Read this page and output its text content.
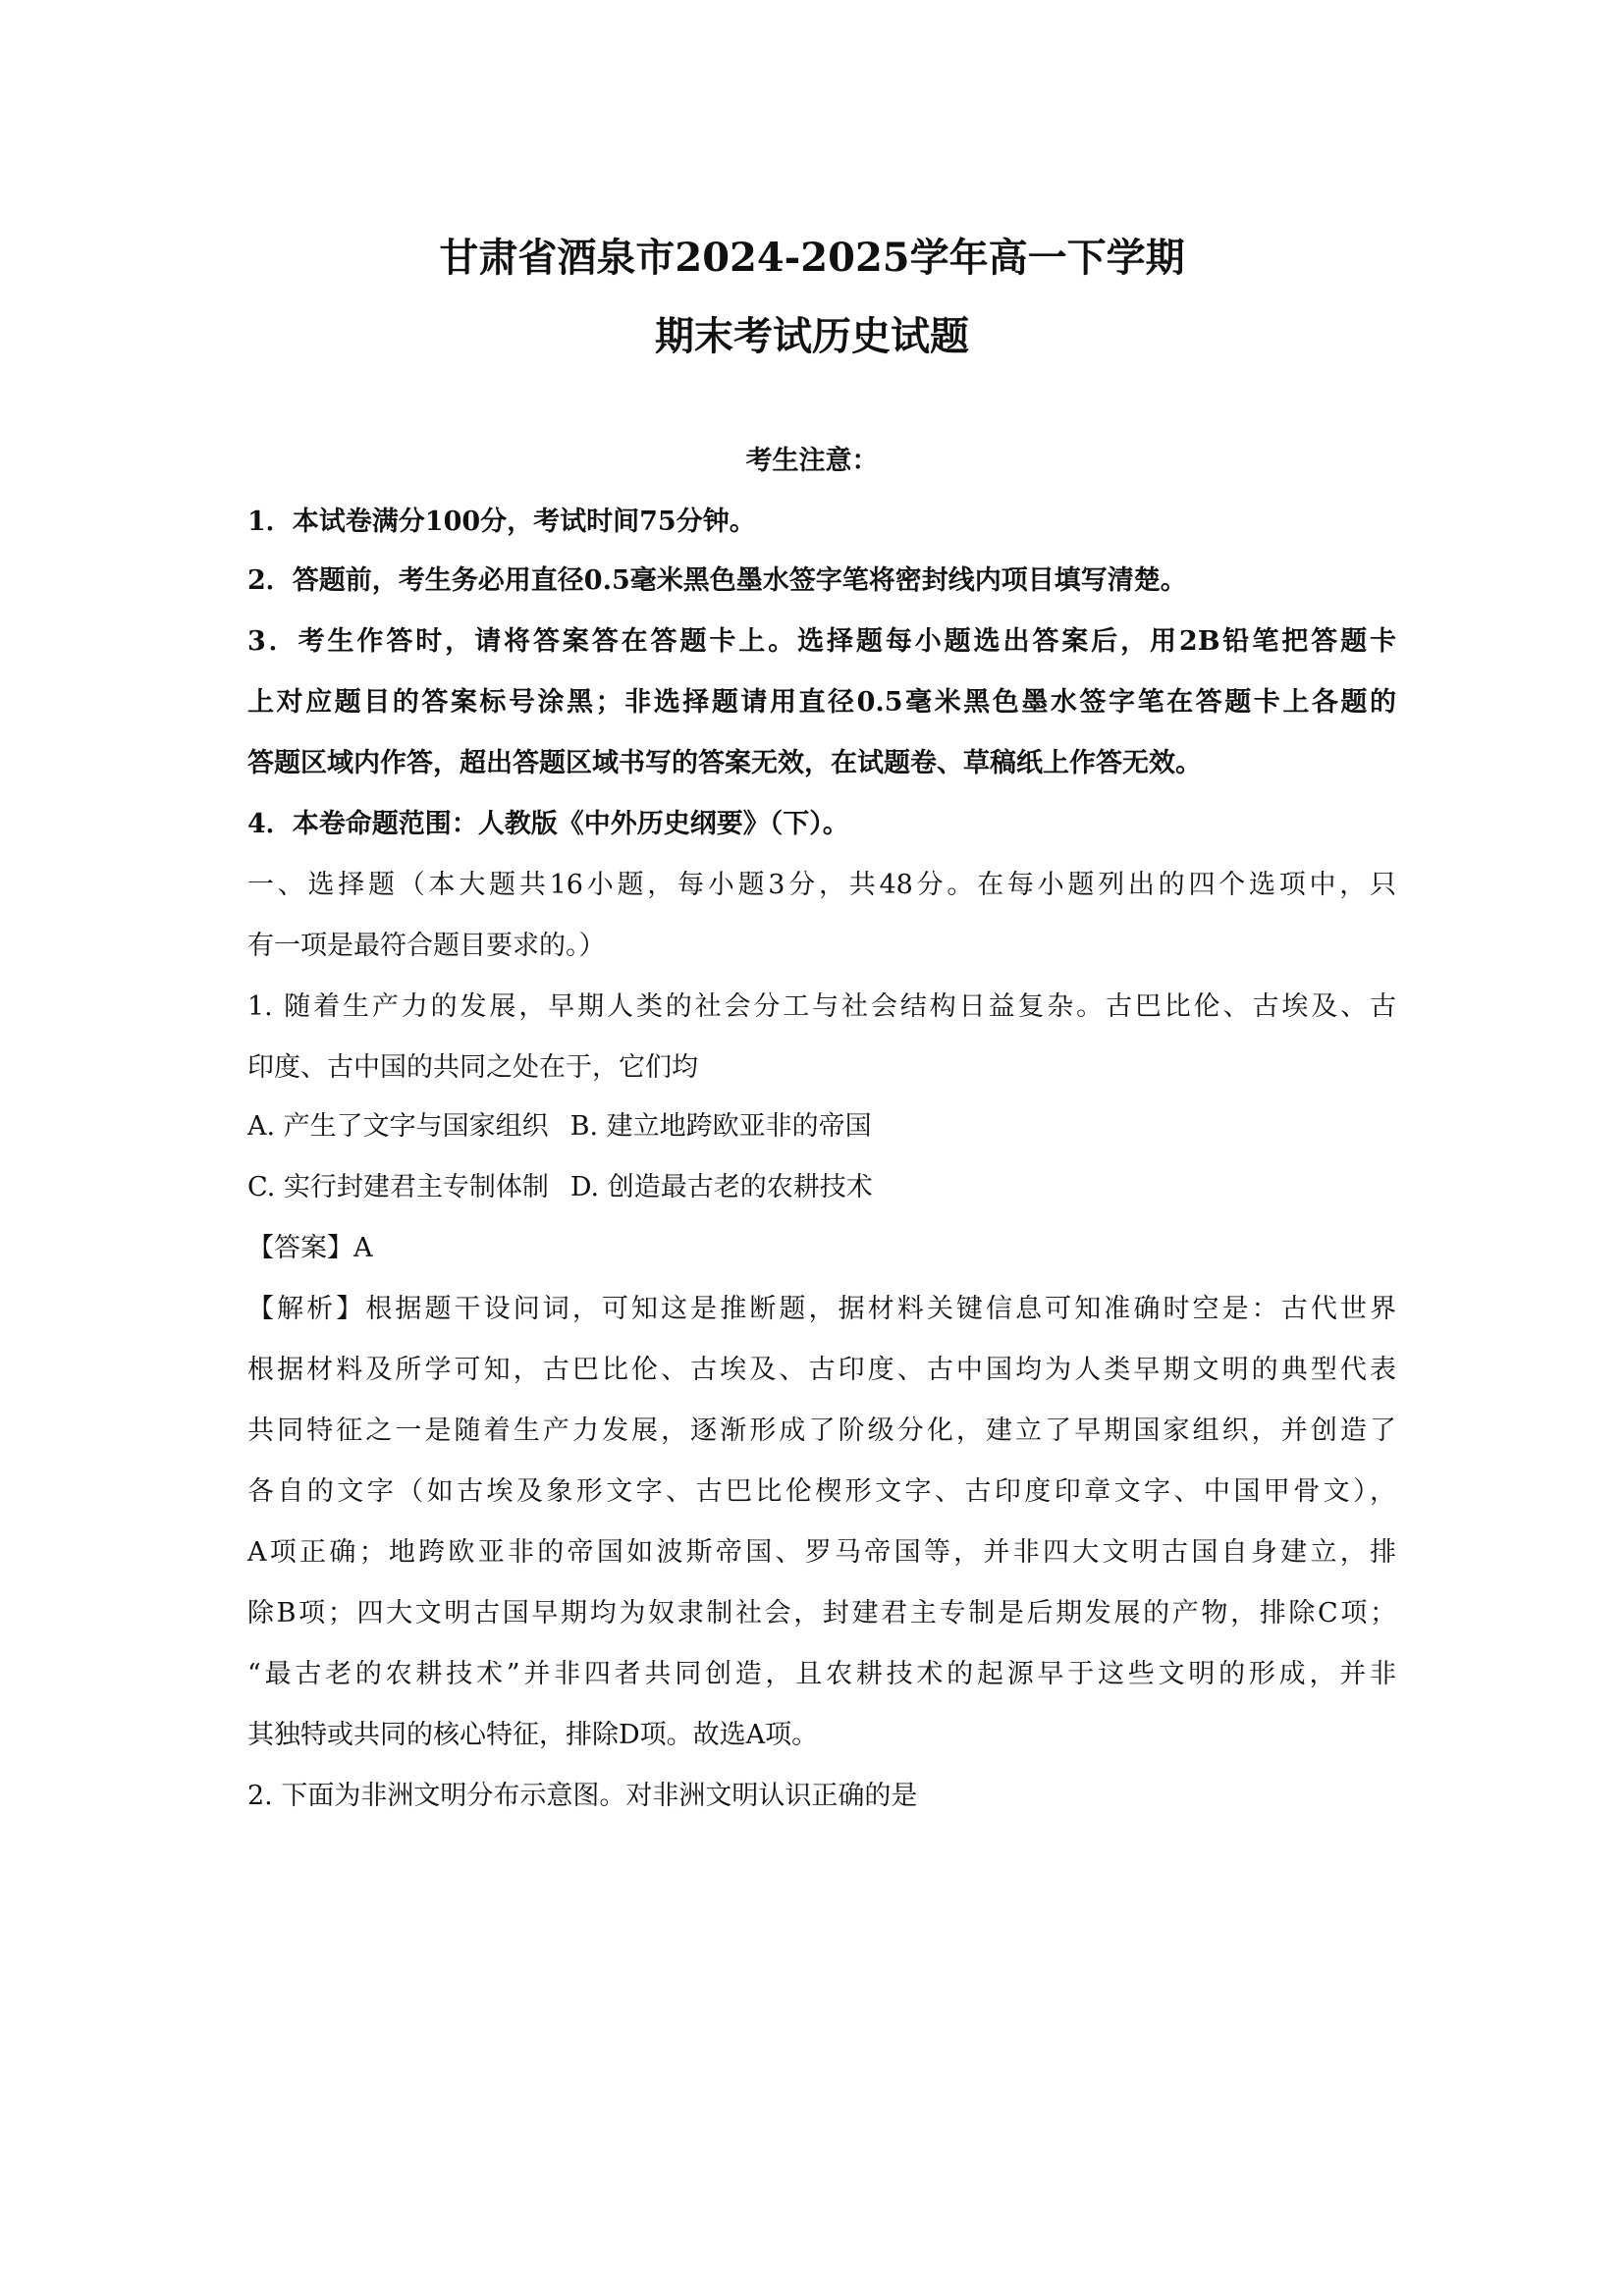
甘肃省酒泉市2024-2025学年高一下学期
期末考试历史试题

考生注意：

1．本试卷满分100分，考试时间75分钟。

2．答题前，考生务必用直径0.5毫米黑色墨水签字笔将密封线内项目填写清楚。

3．考生作答时，请将答案答在答题卡上。选择题每小题选出答案后，用2B铅笔把答题卡

上对应题目的答案标号涂黑；非选择题请用直径0.5毫米黑色墨水签字笔在答题卡上各题的

答题区域内作答，超出答题区域书写的答案无效，在试题卷、草稿纸上作答无效。

4．本卷命题范围：人教版《中外历史纲要》（下）。

一、选择题（本大题共16小题，每小题3分，共48分。在每小题列出的四个选项中，只

有一项是最符合题目要求的。）

1. 随着生产力的发展，早期人类的社会分工与社会结构日益复杂。古巴比伦、古埃及、古

印度、古中国的共同之处在于，它们均

A. 产生了文字与国家组织 B. 建立地跨欧亚非的帝国

C. 实行封建君主专制体制 D. 创造最古老的农耕技术

【答案】A

【解析】根据题干设问词，可知这是推断题，据材料关键信息可知准确时空是：古代世界

根据材料及所学可知，古巴比伦、古埃及、古印度、古中国均为人类早期文明的典型代表

共同特征之一是随着生产力发展，逐渐形成了阶级分化，建立了早期国家组织，并创造了

各自的文字（如古埃及象形文字、古巴比伦楔形文字、古印度印章文字、中国甲骨文），

A项正确；地跨欧亚非的帝国如波斯帝国、罗马帝国等，并非四大文明古国自身建立，排

除B项；四大文明古国早期均为奴隶制社会，封建君主专制是后期发展的产物，排除C项；

“最古老的农耕技术”并非四者共同创造，且农耕技术的起源早于这些文明的形成，并非

其独特或共同的核心特征，排除D项。故选A项。

2. 下面为非洲文明分布示意图。对非洲文明认识正确的是
